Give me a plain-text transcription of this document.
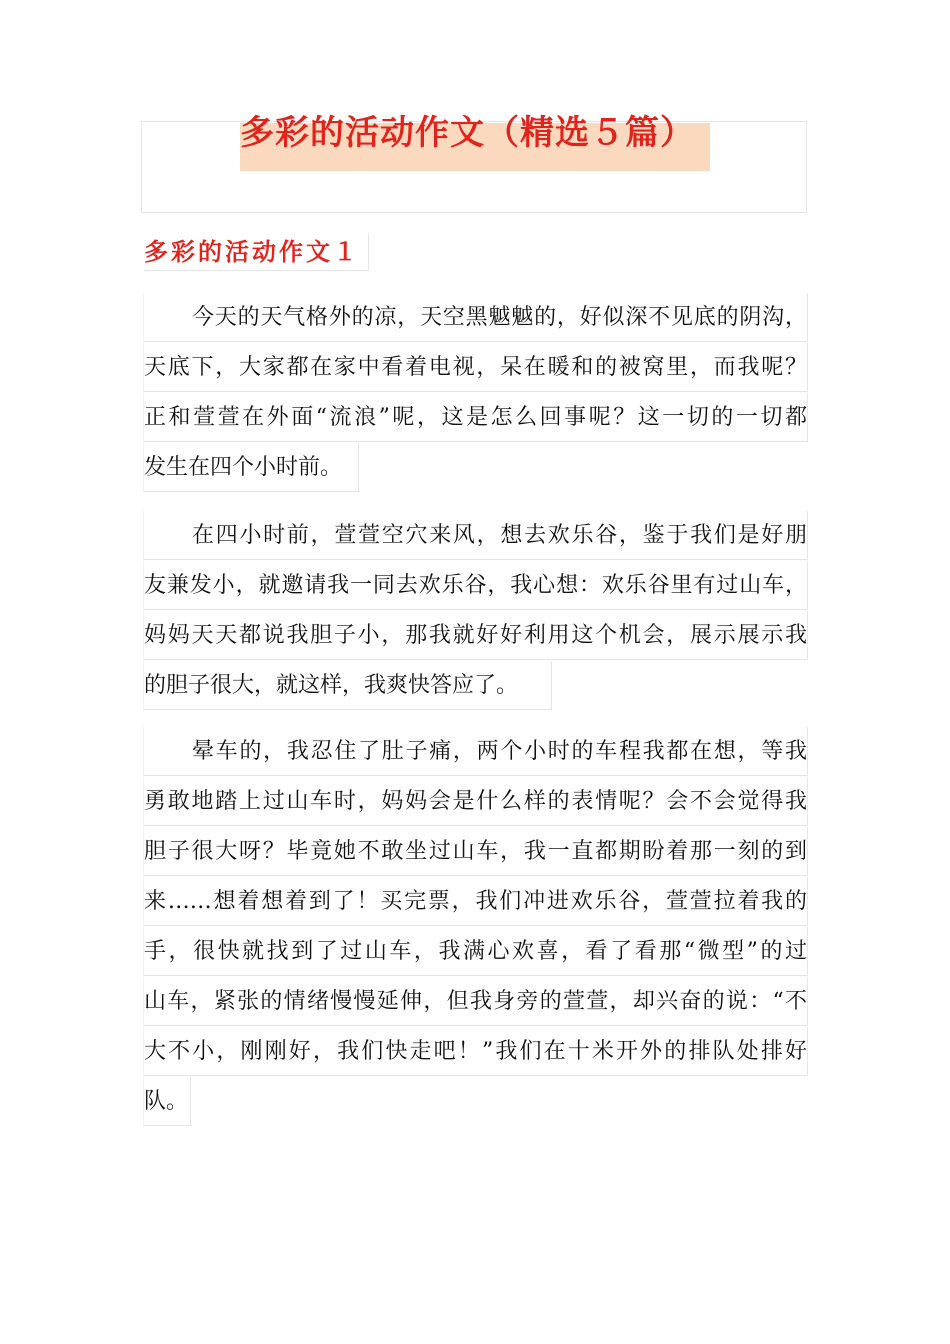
多彩的活动作文（精选５篇）
多彩的活动作文１
今天的天气格外的凉，天空黑魆魆的，好似深不见底的阴沟，
天底下，大家都在家中看着电视，呆在暖和的被窝里，而我呢？
正和萱萱在外面“流浪”呢，这是怎么回事呢？这一切的一切都
发生在四个小时前。
在四小时前，萱萱空穴来风，想去欢乐谷，鉴于我们是好朋
友兼发小，就邀请我一同去欢乐谷，我心想：欢乐谷里有过山车，
妈妈天天都说我胆子小，那我就好好利用这个机会，展示展示我
的胆子很大，就这样，我爽快答应了。
晕车的，我忍住了肚子痛，两个小时的车程我都在想，等我
勇敢地踏上过山车时，妈妈会是什么样的表情呢？会不会觉得我
胆子很大呀？毕竟她不敢坐过山车，我一直都期盼着那一刻的到
来……想着想着到了！买完票，我们冲进欢乐谷，萱萱拉着我的
手，很快就找到了过山车，我满心欢喜，看了看那“微型”的过
山车，紧张的情绪慢慢延伸，但我身旁的萱萱，却兴奋的说：“不
大不小，刚刚好，我们快走吧！”我们在十米开外的排队处排好
队。
